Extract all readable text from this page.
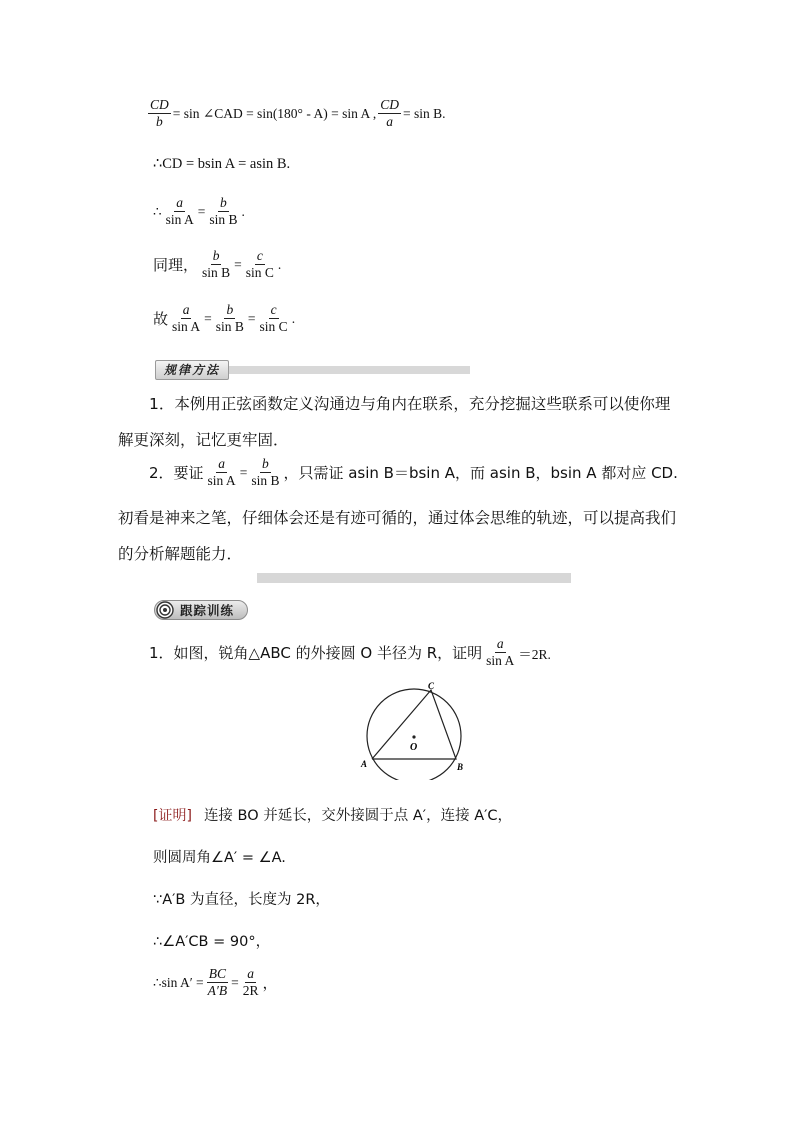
$\frac{CD}{b} = \sin$ ∠CAD = sin(180° - A) = sin A , $\frac{CD}{a} = \sin B$.
∴CD = bsin A = asin B.
∴ $\frac{a}{\text{sin A}} = \frac{b}{\text{sin B}}$ .
同理， $\frac{b}{\text{sin B}} = \frac{c}{\text{sin C}}$ .
故 $\frac{a}{\text{sin A}} = \frac{b}{\text{sin B}} = \frac{c}{\text{sin C}}$ .
规律方法
1．本例用正弦函数定义沟通边与角内在联系，充分挖掘这些联系可以使你理解更深刻，记忆更牢固．
2．要证 $\frac{a}{\text{sin A}} = \frac{b}{\text{sin B}}$ ，只需证 asin B＝bsin A，而 asin B，bsin A 都对应 CD.
初看是神来之笔，仔细体会还是有迹可循的，通过体会思维的轨迹，可以提高我们的分析解题能力．
跟踪训练
1．如图，锐角△ABC 的外接圆 O 半径为 R，证明 $\frac{a}{\text{sin A}} =2R$.
A	B
C
O
[证明] 连接 BO 并延长，交外接圆于点 A′，连接 A′C，
则圆周角∠A′ = ∠A.
∵A′B 为直径，长度为 2R，
∴∠A′CB = 90°，
∴sin $A' = \frac{BC}{A'B} = \frac{a}{2R}$ ，
